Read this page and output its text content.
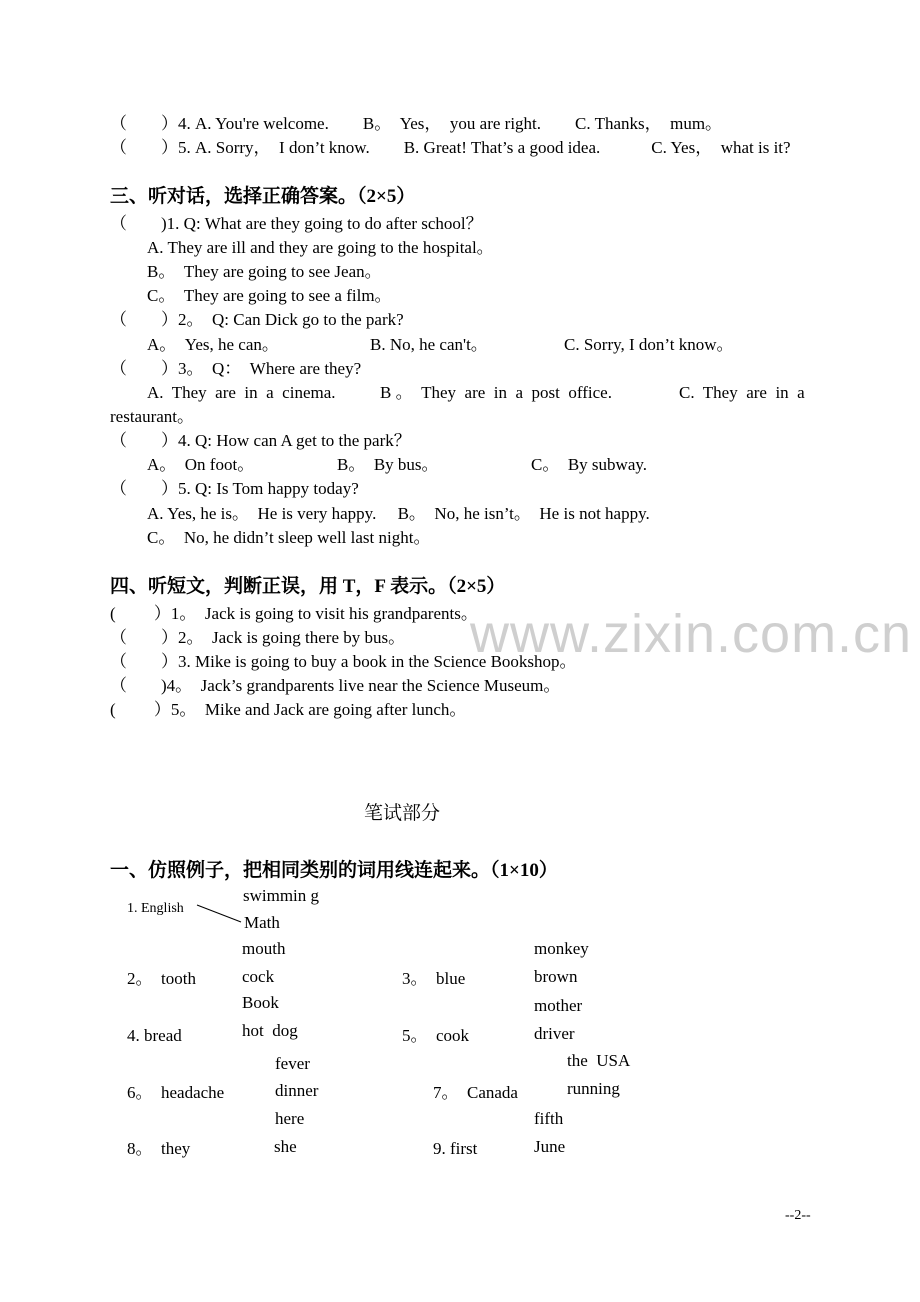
www.zixin.com.cn
（　　）4. A. You're welcome.　　B。　Yes，　you are right.　　C. Thanks，　mum。
（　　）5. A. Sorry，　I don’t know.　　B. Great! That’s a good idea.　　　C. Yes，　what is it?
三、听对话，选择正确答案。（2×5）
（　　)1. Q: What are they going to do after school？
A. They are ill and they are going to the hospital。
B。　They are going to see Jean。
C。　They are going to see a film。
（　　）2。　Q: Can Dick go to the park?
A。　Yes, he can。	B. No, he can't。	C. Sorry, I don’t know。
（　　）3。　Q：　Where are they?
A.  They  are  in  a  cinema.	B 。　They  are  in  a  post  office.	C.  They  are  in  a
restaurant。
（　　）4. Q: How can A get to the park？
A。　On foot。	B。　By bus。	C。　By subway.
（　　）5. Q: Is Tom happy today?
A. Yes, he is。　He is very happy.　 B。　No, he isn’t。　He is not happy.
C。　No, he didn’t sleep well last night。
四、听短文，判断正误，用 T，F 表示。（2×5）
(　　 ）1。　Jack is going to visit his grandparents。
（　　）2。　Jack is going there by bus。
（　　）3. Mike is going to buy a book in the Science Bookshop。
（　　)4。　Jack’s grandparents live near the Science Museum。
(　　 ）5。　Mike and Jack are going after lunch。
笔试部分
一、仿照例子，把相同类别的词用线连起来。（1×10）
1. English
swimmin g
Math
mouth
2。　tooth	cock
Book
monkey
3。　blue	brown
mother
4. bread	hot  dog	5。　cook	driver
fever	the  USA
running
6。　headache	dinner	7。　Canada
here	fifth
8。　they	she	9. first	June
--2--
